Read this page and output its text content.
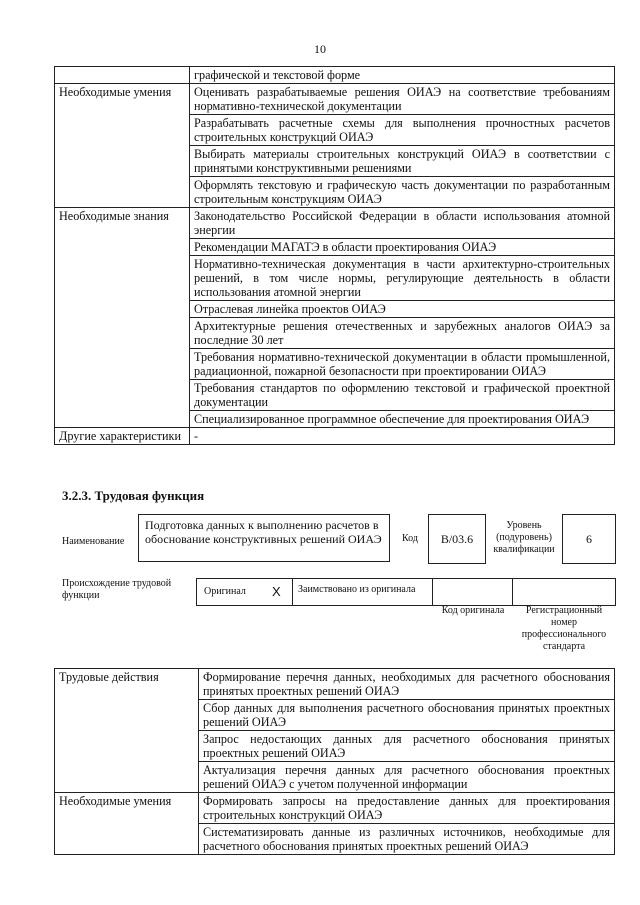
10
	графической и текстовой форме
Необходимые умения	Оценивать разрабатываемые решения ОИАЭ на соответствие требованиям нормативно-технической документации
	Разрабатывать расчетные схемы для выполнения прочностных расчетов строительных конструкций ОИАЭ
	Выбирать материалы строительных конструкций ОИАЭ в соответствии с принятыми конструктивными решениями
	Оформлять текстовую и графическую часть документации по разработанным строительным конструкциям ОИАЭ
Необходимые знания	Законодательство Российской Федерации в области использования атомной энергии
	Рекомендации МАГАТЭ в области проектирования ОИАЭ
	Нормативно-техническая документация в части архитектурно-строительных решений, в том числе нормы, регулирующие деятельность в области использования атомной энергии
	Отраслевая линейка проектов ОИАЭ
	Архитектурные решения отечественных и зарубежных аналогов ОИАЭ за последние 30 лет
	Требования нормативно-технической документации в области промышленной, радиационной, пожарной безопасности при проектировании ОИАЭ
	Требования стандартов по оформлению текстовой и графической проектной документации
	Специализированное программное обеспечение для проектирования ОИАЭ
Другие характеристики	-
3.2.3. Трудовая функция
Наименование
Подготовка данных к выполнению расчетов в обоснование конструктивных решений ОИАЭ	Код В/03.6
Уровень (подуровень) квалификации
6
Происхождение трудовой функции	Оригинал X Заимствовано из оригинала
Код оригинала	Регистрационный номер профессионального стандарта
Трудовые действия	Формирование перечня данных, необходимых для расчетного обоснования принятых проектных решений ОИАЭ
	Сбор данных для выполнения расчетного обоснования принятых проектных решений ОИАЭ
	Запрос недостающих данных для расчетного обоснования принятых проектных решений ОИАЭ
	Актуализация перечня данных для расчетного обоснования проектных решений ОИАЭ с учетом полученной информации
Необходимые умения	Формировать запросы на предоставление данных для проектирования строительных конструкций ОИАЭ
	Систематизировать данные из различных источников, необходимые для расчетного обоснования принятых проектных решений ОИАЭ
